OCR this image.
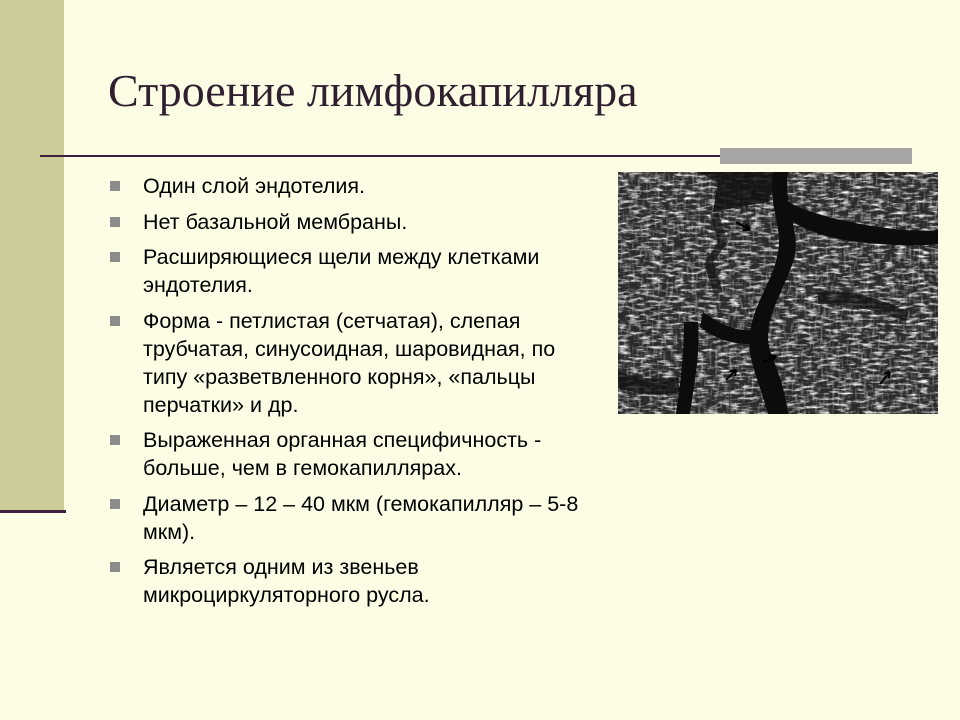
Строение лимфокапилляра
Один слой эндотелия.
Нет базальной мембраны.
Расширяющиеся щели между клетками эндотелия.
Форма - петлистая (сетчатая), слепая трубчатая, синусоидная, шаровидная, по типу «разветвленного корня», «пальцы перчатки» и др.
Выраженная органная специфичность - больше, чем в гемокапиллярах.
Диаметр – 12 – 40 мкм (гемокапилляр – 5-8 мкм).
Является одним из звеньев микроциркуляторного русла.
